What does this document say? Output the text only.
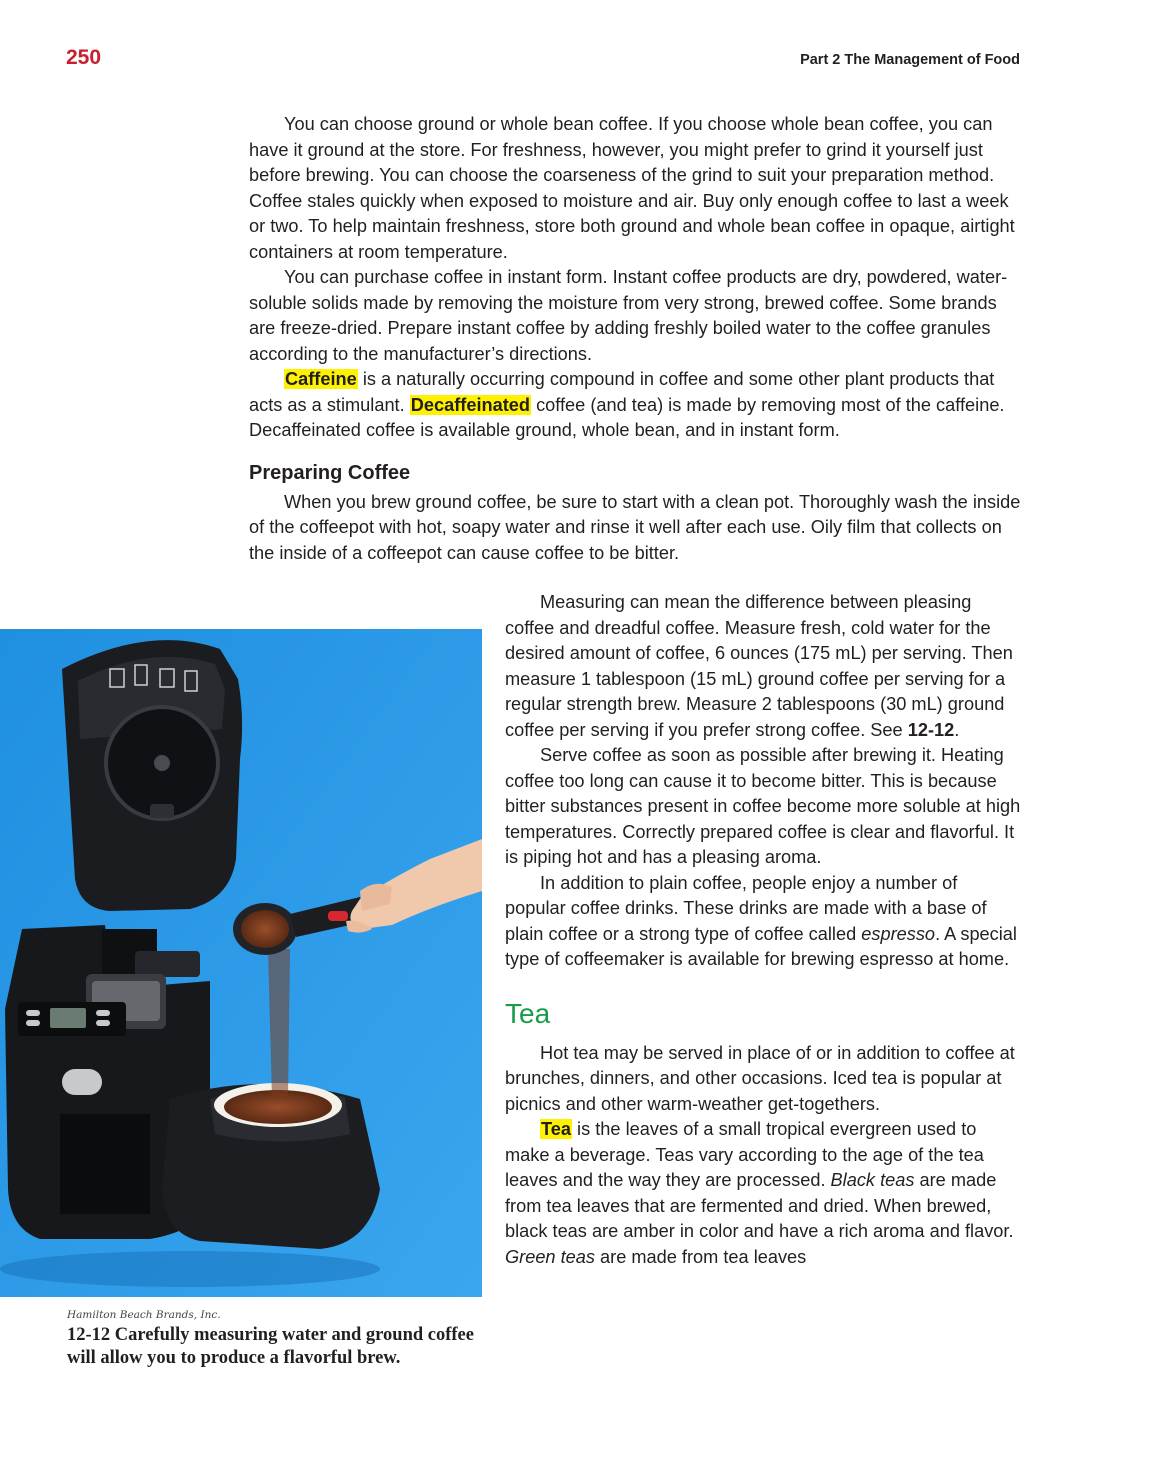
250	Part 2 The Management of Food

You can choose ground or whole bean coffee. If you choose whole bean coffee, you can have it ground at the store. For freshness, however, you might prefer to grind it yourself just before brewing. You can choose the coarseness of the grind to suit your preparation method. Coffee stales quickly when exposed to moisture and air. Buy only enough coffee to last a week or two. To help maintain freshness, store both ground and whole bean coffee in opaque, airtight containers at room temperature.

You can purchase coffee in instant form. Instant coffee products are dry, powdered, water-soluble solids made by removing the moisture from very strong, brewed coffee. Some brands are freeze-dried. Prepare instant coffee by adding freshly boiled water to the coffee granules according to the manufacturer’s directions.

Caffeine is a naturally occurring compound in coffee and some other plant products that acts as a stimulant. Decaffeinated coffee (and tea) is made by removing most of the caffeine. Decaffeinated coffee is available ground, whole bean, and in instant form.

Preparing Coffee

When you brew ground coffee, be sure to start with a clean pot. Thoroughly wash the inside of the coffeepot with hot, soapy water and rinse it well after each use. Oily film that collects on the inside of a coffeepot can cause coffee to be bitter.

Hamilton Beach Brands, Inc.
12-12 Carefully measuring water and ground coffee will allow you to produce a flavorful brew.

Measuring can mean the difference between pleasing coffee and dreadful coffee. Measure fresh, cold water for the desired amount of coffee, 6 ounces (175 mL) per serving. Then measure 1 tablespoon (15 mL) ground coffee per serving for a regular strength brew. Measure 2 tablespoons (30 mL) ground coffee per serving if you prefer strong coffee. See 12-12.

Serve coffee as soon as possible after brewing it. Heating coffee too long can cause it to become bitter. This is because bitter substances present in coffee become more soluble at high temperatures. Correctly prepared coffee is clear and flavorful. It is piping hot and has a pleasing aroma.

In addition to plain coffee, people enjoy a number of popular coffee drinks. These drinks are made with a base of plain coffee or a strong type of coffee called espresso. A special type of coffeemaker is available for brewing espresso at home.

Tea

Hot tea may be served in place of or in addition to coffee at brunches, dinners, and other occasions. Iced tea is popular at picnics and other warm-weather get-togethers.

Tea is the leaves of a small tropical evergreen used to make a beverage. Teas vary according to the age of the tea leaves and the way they are processed. Black teas are made from tea leaves that are fermented and dried. When brewed, black teas are amber in color and have a rich aroma and flavor. Green teas are made from tea leaves
